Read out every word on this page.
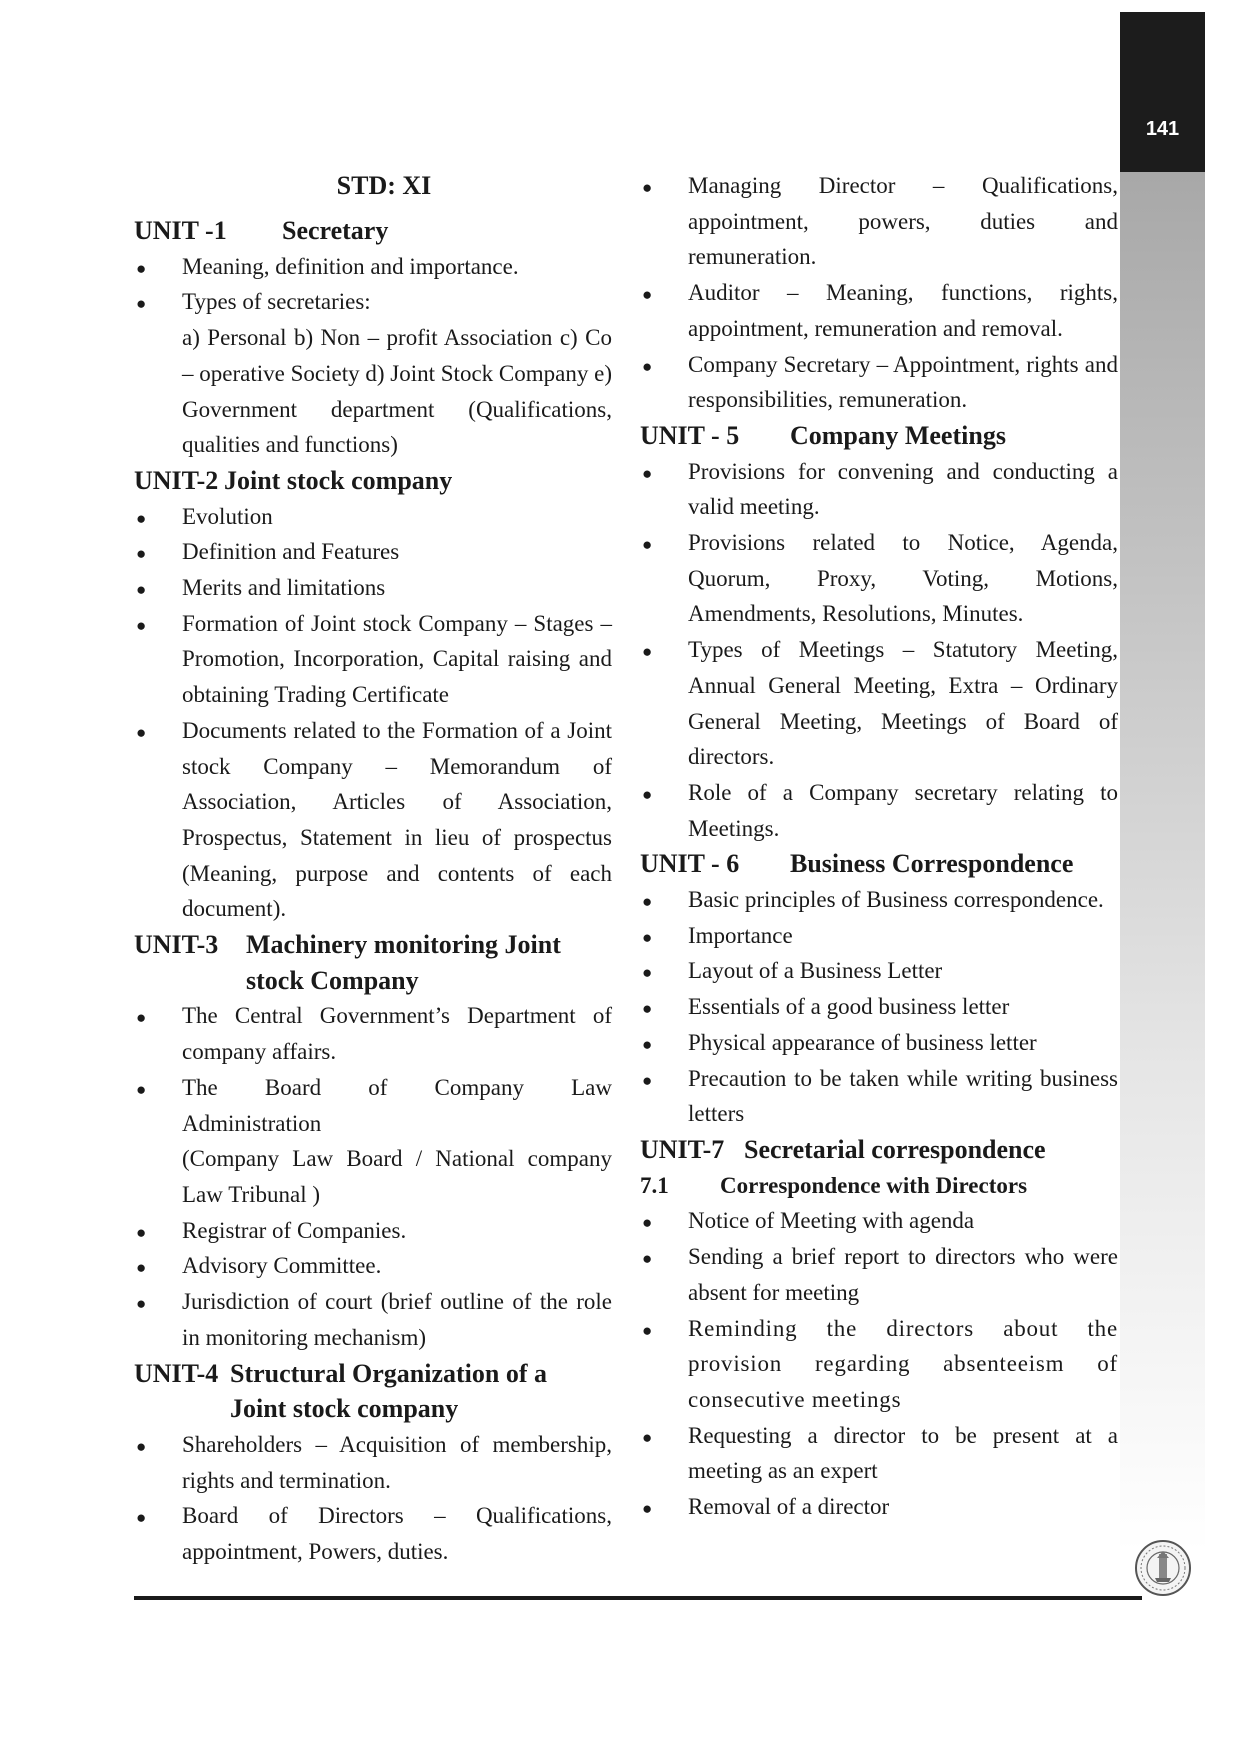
141
STD: XI
UNIT -1	Secretary
● Meaning, definition and importance.
● Types of secretaries:
a) Personal b) Non – profit Association c) Co – operative Society d) Joint Stock Company e) Government department (Qualifications, qualities and functions)
UNIT-2 Joint stock company
● Evolution
● Definition and Features
● Merits and limitations
● Formation of Joint stock Company – Stages – Promotion, Incorporation, Capital raising and obtaining Trading Certificate
● Documents related to the Formation of a Joint stock Company – Memorandum of Association, Articles of Association, Prospectus, Statement in lieu of prospectus (Meaning, purpose and contents of each document).
UNIT-3	Machinery monitoring Joint stock Company
● The Central Government’s Department of company affairs.
● The Board of Company Law Administration
(Company Law Board / National company Law Tribunal )
● Registrar of Companies.
● Advisory Committee.
● Jurisdiction of court (brief outline of the role in monitoring mechanism)
UNIT-4 Structural Organization of a Joint stock company
● Shareholders – Acquisition of membership, rights and termination.
● Board of Directors – Qualifications, appointment, Powers, duties.
● Managing Director – Qualifications, appointment, powers, duties and remuneration.
● Auditor – Meaning, functions, rights, appointment, remuneration and removal.
● Company Secretary – Appointment, rights and responsibilities, remuneration.
UNIT - 5	Company Meetings
● Provisions for convening and conducting a valid meeting.
● Provisions related to Notice, Agenda, Quorum, Proxy, Voting, Motions, Amendments, Resolutions, Minutes.
● Types of Meetings – Statutory Meeting, Annual General Meeting, Extra – Ordinary General Meeting, Meetings of Board of directors.
● Role of a Company secretary relating to Meetings.
UNIT - 6	Business Correspondence
● Basic principles of Business correspondence.
● Importance
● Layout of a Business Letter
● Essentials of a good business letter
● Physical appearance of business letter
● Precaution to be taken while writing business letters
UNIT-7 Secretarial correspondence
7.1	Correspondence with Directors
● Notice of Meeting with agenda
● Sending a brief report to directors who were absent for meeting
● Reminding the directors about the provision regarding absenteeism of consecutive meetings
● Requesting a director to be present at a meeting as an expert
● Removal of a director
